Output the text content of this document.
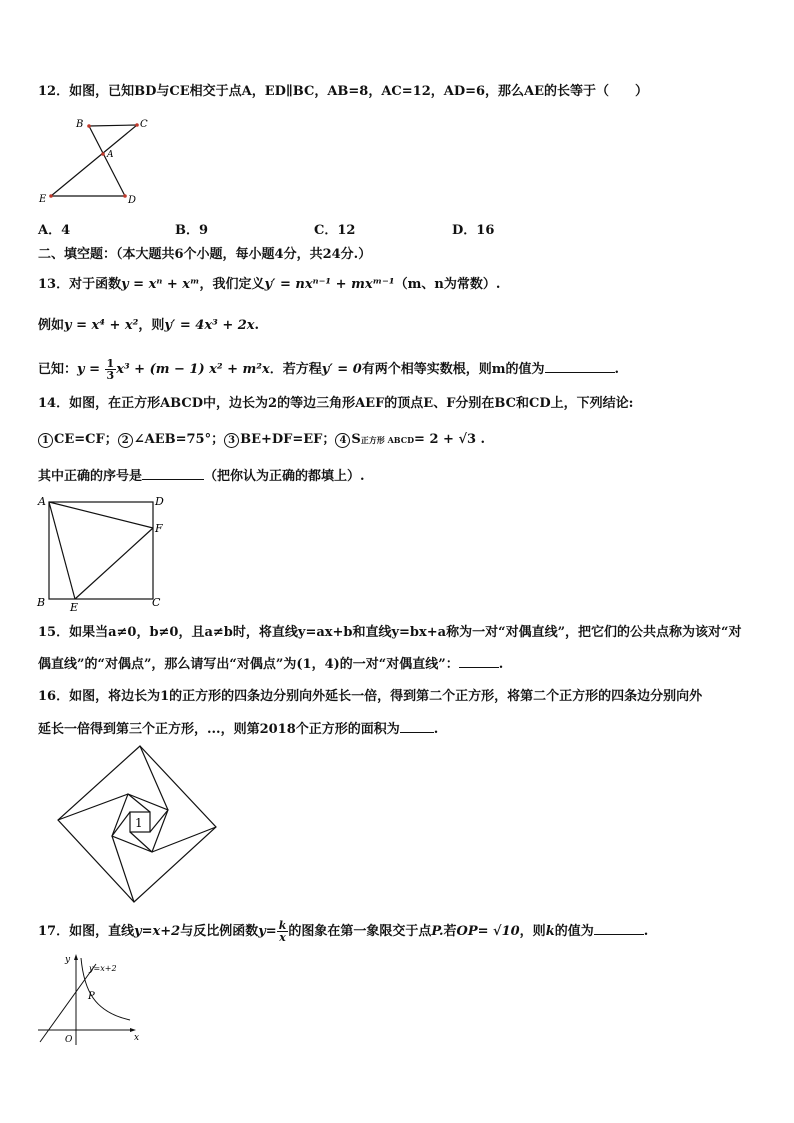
12．如图，已知BD与CE相交于点A，ED∥BC，AB=8，AC=12，AD=6，那么AE的长等于（　　）
B	C
A
E	D
A．4	B．9	C．12	D．16
二、填空题：（本大题共6个小题，每小题4分，共24分.）
13．对于函数y = xⁿ + xᵐ，我们定义y′ = nxⁿ⁻¹ + mxᵐ⁻¹（m、n为常数）.
例如y = x⁴ + x²，则y′ = 4x³ + 2x.
已知：$y = \frac{1}{3} x^3 + (m - 1) x^2 + m^2x$．若方程y′ = 0有两个相等实数根，则m的值为	.
14．如图，在正方形ABCD中，边长为2的等边三角形AEF的顶点E、F分别在BC和CD上，下列结论:
1 CE=CF； 2 ∠AEB=75°； 3 BE+DF=EF； 4 S正方形 ABCD= 2 + √3 .
其中正确的序号是	（把你认为正确的都填上）.
A	D
F
B E	C
15．如果当a≠0，b≠0，且a≠b时，将直线y=ax+b和直线y=bx+a称为一对“对偶直线”，把它们的公共点称为该对“对
偶直线”的“对偶点”，那么请写出“对偶点”为(1，4)的一对“对偶直线”：	.
16．如图，将边长为1的正方形的四条边分别向外延长一倍，得到第二个正方形，将第二个正方形的四条边分别向外
延长一倍得到第三个正方形，...，则第2018个正方形的面积为	.
1
17．如图，直线y=x+2与反比例函数$y= \frac{k}{x}$ 的图象在第一象限交于点P.若OP= √10，则k的值为	.
y
x
O
P
y=x+2
